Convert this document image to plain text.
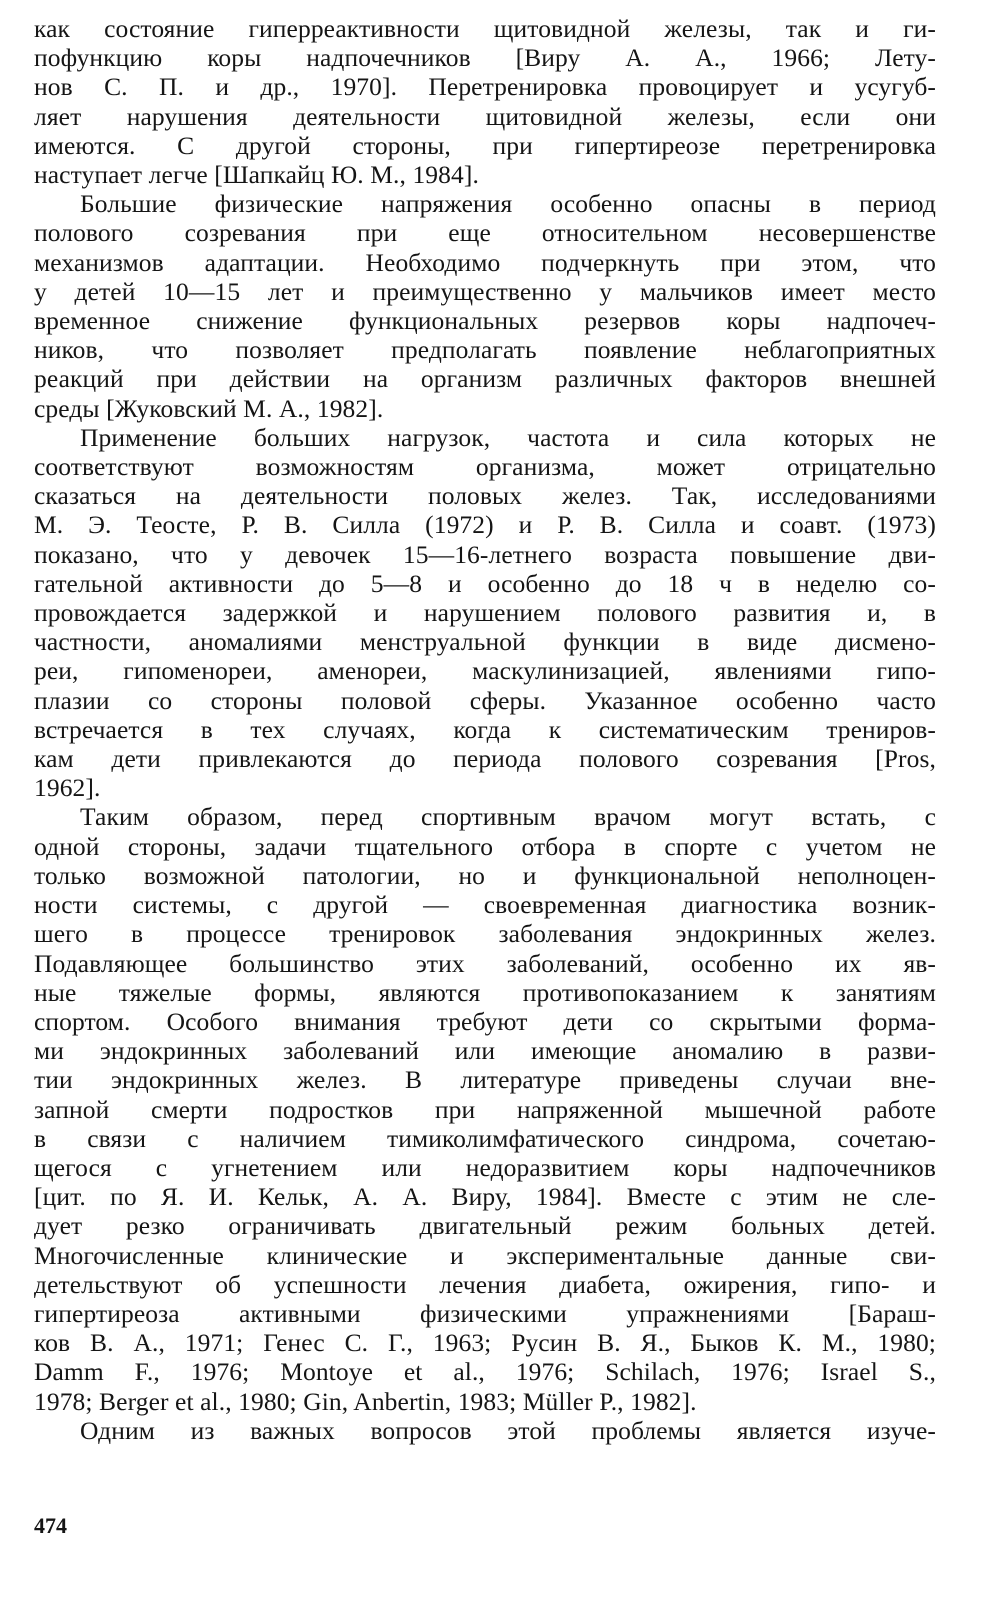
как состояние гиперреактивности щитовидной железы, так и ги-

пофункцию коры надпочечников [Виру А. А., 1966; Лету-

нов С. П. и др., 1970]. Перетренировка провоцирует и усугуб-

ляет нарушения деятельности щитовидной железы, если они

имеются. С другой стороны, при гипертиреозе перетренировка

наступает легче [Шапкайц Ю. М., 1984].

Большие физические напряжения особенно опасны в период

полового созревания при еще относительном несовершенстве

механизмов адаптации. Необходимо подчеркнуть при этом, что

у детей 10—15 лет и преимущественно у мальчиков имеет место

временное снижение функциональных резервов коры надпочеч-

ников, что позволяет предполагать появление неблагоприятных

реакций при действии на организм различных факторов внешней

среды [Жуковский М. А., 1982].

Применение больших нагрузок, частота и сила которых не

соответствуют возможностям организма, может отрицательно

сказаться на деятельности половых желез. Так, исследованиями

М. Э. Теосте, Р. В. Силла (1972) и Р. В. Силла и соавт. (1973)

показано, что у девочек 15—16-летнего возраста повышение дви-

гательной активности до 5—8 и особенно до 18 ч в неделю со-

провождается задержкой и нарушением полового развития и, в

частности, аномалиями менструальной функции в виде дисмено-

реи, гипоменореи, аменореи, маскулинизацией, явлениями гипо-

плазии со стороны половой сферы. Указанное особенно часто

встречается в тех случаях, когда к систематическим трениров-

кам дети привлекаются до периода полового созревания [Pros,

1962].

Таким образом, перед спортивным врачом могут встать, с

одной стороны, задачи тщательного отбора в спорте с учетом не

только возможной патологии, но и функциональной неполноцен-

ности системы, с другой — своевременная диагностика возник-

шего в процессе тренировок заболевания эндокринных желез.

Подавляющее большинство этих заболеваний, особенно их яв-

ные тяжелые формы, являются противопоказанием к занятиям

спортом. Особого внимания требуют дети со скрытыми форма-

ми эндокринных заболеваний или имеющие аномалию в разви-

тии эндокринных желез. В литературе приведены случаи вне-

запной смерти подростков при напряженной мышечной работе

в связи с наличием тимиколимфатического синдрома, сочетаю-

щегося с угнетением или недоразвитием коры надпочечников

[цит. по Я. И. Кельк, А. А. Виру, 1984]. Вместе с этим не сле-

дует резко ограничивать двигательный режим больных детей.

Многочисленные клинические и экспериментальные данные сви-

детельствуют об успешности лечения диабета, ожирения, гипо- и

гипертиреоза активными физическими упражнениями [Бараш-

ков В. А., 1971; Генес С. Г., 1963; Русин В. Я., Быков К. М., 1980;

Damm F., 1976; Montoye et al., 1976; Schilach, 1976; Israel S.,

1978; Berger et al., 1980; Gin, Anbertin, 1983; Müller P., 1982].

Одним из важных вопросов этой проблемы является изуче-

474
